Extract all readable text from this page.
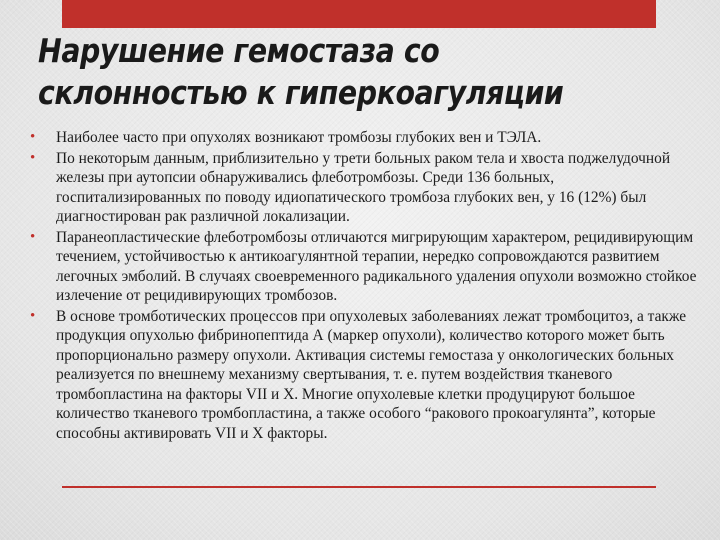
Нарушение гемостаза со
склонностью к гиперкоагуляции
•	Наиболее часто при опухолях возникают тромбозы глубоких вен и ТЭЛА.
•	По некоторым данным, приблизительно у трети больных раком тела и хвоста поджелудочной железы при аутопсии обнаруживались флеботромбозы. Среди 136 больных, госпитализированных по поводу идиопатического тромбоза глубоких вен, у 16 (12%) был диагностирован рак различной локализации.
•	Паранеопластические флеботромбозы отличаются мигрирующим характером, рецидивирующим течением, устойчивостью к антикоагулянтной терапии, нередко сопровождаются развитием легочных эмболий. В случаях своевременного радикального удаления опухоли возможно стойкое излечение от рецидивирующих тромбозов.
•	В основе тромботических процессов при опухолевых заболеваниях лежат тромбоцитоз, а также продукция опухолью фибринопептида А (маркер опухоли), количество которого может быть пропорционально размеру опухоли. Активация системы гемостаза у онкологических больных реализуется по внешнему механизму свертывания, т. е. путем воздействия тканевого тромбопластина на факторы VII и X. Многие опухолевые клетки продуцируют большое количество тканевого тромбопластина, а также особого “ракового прокоагулянта”, которые способны активировать VII и X факторы.
